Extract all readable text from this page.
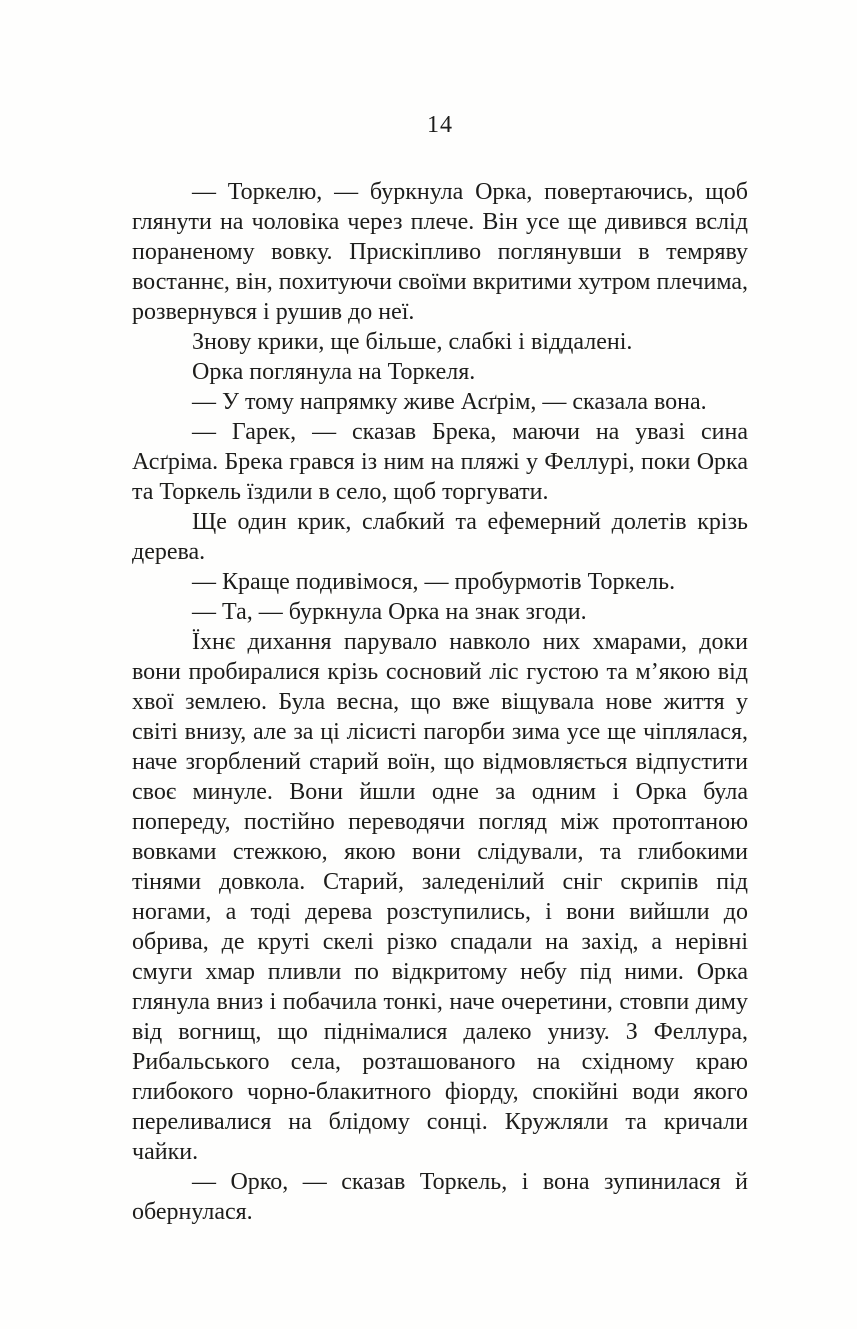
14

— Торкелю, — буркнула Орка, повертаючись, щоб глянути на чоловіка через плече. Він усе ще дивився вслід пораненому вовку. Прискіпливо поглянувши в темряву востаннє, він, похитуючи своїми вкритими хутром плечима, розвернувся і рушив до неї.

Знову крики, ще більше, слабкі і віддалені.

Орка поглянула на Торкеля.

— У тому напрямку живе Асґрім, — сказала вона.

— Гарек, — сказав Брека, маючи на увазі сина Асґріма. Брека грався із ним на пляжі у Феллурі, поки Орка та Торкель їздили в село, щоб торгувати.

Ще один крик, слабкий та ефемерний долетів крізь дерева.

— Краще подивімося, — пробурмотів Торкель.

— Та, — буркнула Орка на знак згоди.

Їхнє дихання парувало навколо них хмарами, доки вони пробиралися крізь сосновий ліс густою та м’якою від хвої землею. Була весна, що вже віщувала нове життя у світі внизу, але за ці лісисті пагорби зима усе ще чіплялася, наче згорблений старий воїн, що відмовляється відпустити своє минуле. Вони йшли одне за одним і Орка була попереду, постійно переводячи погляд між протоптаною вовками стежкою, якою вони слідували, та глибокими тінями довкола. Старий, заледенілий сніг скрипів під ногами, а тоді дерева розступились, і вони вийшли до обрива, де круті скелі різко спадали на захід, а нерівні смуги хмар пливли по відкритому небу під ними. Орка глянула вниз і побачила тонкі, наче очеретини, стовпи диму від вогнищ, що піднімалися далеко унизу. З Феллура, Рибальського села, розташованого на східному краю глибокого чорно-блакитного фіорду, спокійні води якого переливалися на блідому сонці. Кружляли та кричали чайки.

— Орко, — сказав Торкель, і вона зупинилася й обернулася.
